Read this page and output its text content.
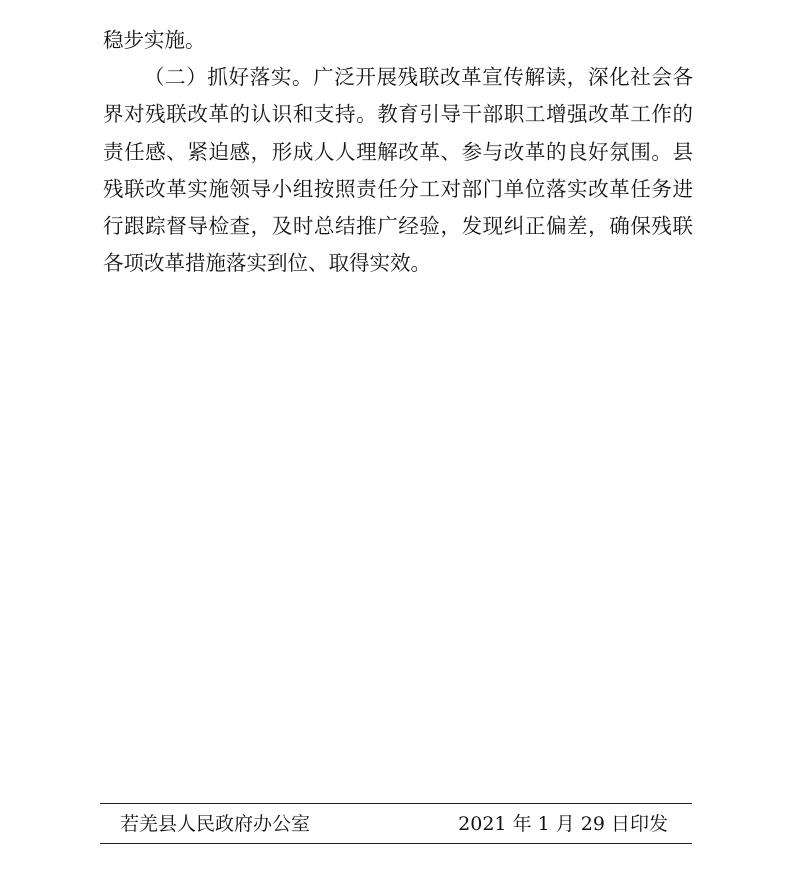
稳步实施。
（二）抓好落实。广泛开展残联改革宣传解读，深化社会各
界对残联改革的认识和支持。教育引导干部职工增强改革工作的
责任感、紧迫感，形成人人理解改革、参与改革的良好氛围。县
残联改革实施领导小组按照责任分工对部门单位落实改革任务进
行跟踪督导检查，及时总结推广经验，发现纠正偏差，确保残联
各项改革措施落实到位、取得实效。
若羌县人民政府办公室	2021 年 1 月 29 日印发
